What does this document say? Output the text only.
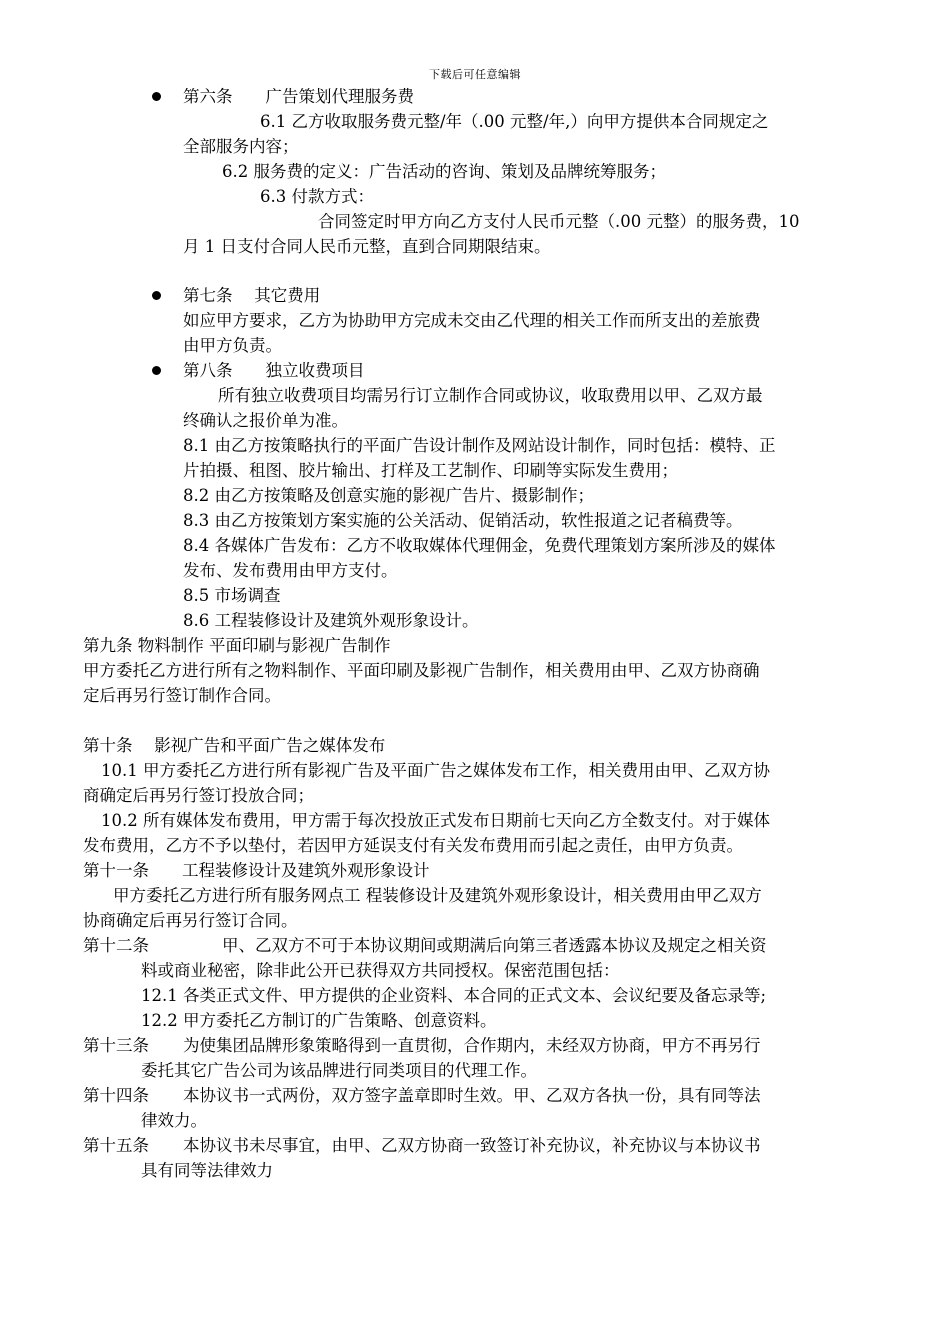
下载后可任意编辑
第六条　　广告策划代理服务费
6.1 乙方收取服务费元整/年（.00 元整/年,）向甲方提供本合同规定之
全部服务内容；
6.2 服务费的定义：广告活动的咨询、策划及品牌统筹服务；
6.3 付款方式：
合同签定时甲方向乙方支付人民币元整（.00 元整）的服务费，10
月 1 日支付合同人民币元整，直到合同期限结束。
第七条　 其它费用
如应甲方要求，乙方为协助甲方完成未交由乙代理的相关工作而所支出的差旅费
由甲方负责。
第八条　　独立收费项目
所有独立收费项目均需另行订立制作合同或协议，收取费用以甲、乙双方最
终确认之报价单为准。
8.1 由乙方按策略执行的平面广告设计制作及网站设计制作，同时包括：模特、正
片拍摄、租图、胶片输出、打样及工艺制作、印刷等实际发生费用；
8.2 由乙方按策略及创意实施的影视广告片、摄影制作；
8.3 由乙方按策划方案实施的公关活动、促销活动，软性报道之记者稿费等。
8.4 各媒体广告发布：乙方不收取媒体代理佣金，免费代理策划方案所涉及的媒体
发布、发布费用由甲方支付。
8.5 市场调查
8.6 工程装修设计及建筑外观形象设计。
第九条 物料制作 平面印刷与影视广告制作
甲方委托乙方进行所有之物料制作、平面印刷及影视广告制作，相关费用由甲、乙双方协商确
定后再另行签订制作合同。
第十条　 影视广告和平面广告之媒体发布
10.1 甲方委托乙方进行所有影视广告及平面广告之媒体发布工作，相关费用由甲、乙双方协
商确定后再另行签订投放合同；
10.2 所有媒体发布费用，甲方需于每次投放正式发布日期前七天向乙方全数支付。对于媒体
发布费用，乙方不予以垫付，若因甲方延误支付有关发布费用而引起之责任，由甲方负责。
第十一条　　工程装修设计及建筑外观形象设计
甲方委托乙方进行所有服务网点工 程装修设计及建筑外观形象设计，相关费用由甲乙双方
协商确定后再另行签订合同。
第十二条	甲、乙双方不可于本协议期间或期满后向第三者透露本协议及规定之相关资
料或商业秘密，除非此公开已获得双方共同授权。保密范围包括：
12.1 各类正式文件、甲方提供的企业资料、本合同的正式文本、会议纪要及备忘录等;
12.2 甲方委托乙方制订的广告策略、创意资料。
第十三条 为使集团品牌形象策略得到一直贯彻，合作期内，未经双方协商，甲方不再另行
委托其它广告公司为该品牌进行同类项目的代理工作。
第十四条 本协议书一式两份，双方签字盖章即时生效。甲、乙双方各执一份，具有同等法
律效力。
第十五条 本协议书未尽事宜，由甲、乙双方协商一致签订补充协议，补充协议与本协议书
具有同等法律效力
